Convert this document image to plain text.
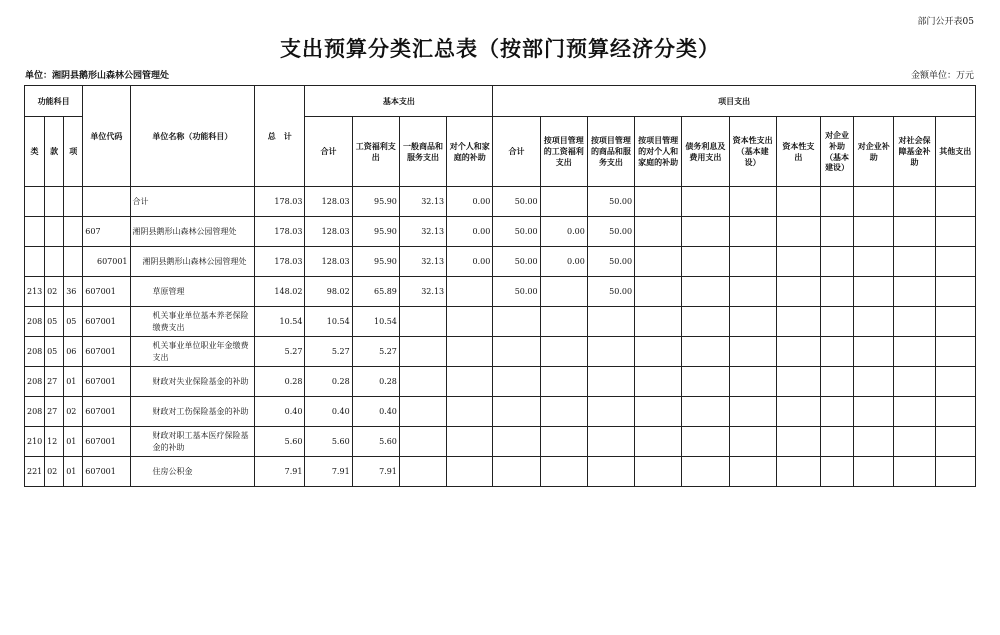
部门公开表05
支出预算分类汇总表（按部门预算经济分类）
单位：湘阴县鹅形山森林公园管理处	金额单位：万元
功能科目			单位代码	单位名称（功能科目）	总　计	基本支出				项目支出										
类	款	项				合计	工资福利支出	一般商品和服务支出	对个人和家庭的补助	合计	按项目管理的工资福利支出	按项目管理的商品和服务支出	按项目管理的对个人和家庭的补助	债务利息及费用支出	资本性支出（基本建设）	资本性支出	对企业补助（基本建设）	对企业补助	对社会保障基金补助	其他支出
				合计	178.03	128.03	95.90	32.13	0.00	50.00		50.00								
			607	湘阴县鹅形山森林公园管理处	178.03	128.03	95.90	32.13	0.00	50.00	0.00	50.00								
			607001	湘阴县鹅形山森林公园管理处	178.03	128.03	95.90	32.13	0.00	50.00	0.00	50.00								
213	02	36	607001	草原管理	148.02	98.02	65.89	32.13		50.00		50.00								
208	05	05	607001	机关事业单位基本养老保险缴费支出	10.54	10.54	10.54													
208	05	06	607001	机关事业单位职业年金缴费支出	5.27	5.27	5.27													
208	27	01	607001	财政对失业保险基金的补助	0.28	0.28	0.28													
208	27	02	607001	财政对工伤保险基金的补助	0.40	0.40	0.40													
210	12	01	607001	财政对职工基本医疗保险基金的补助	5.60	5.60	5.60													
221	02	01	607001	住房公积金	7.91	7.91	7.91													
